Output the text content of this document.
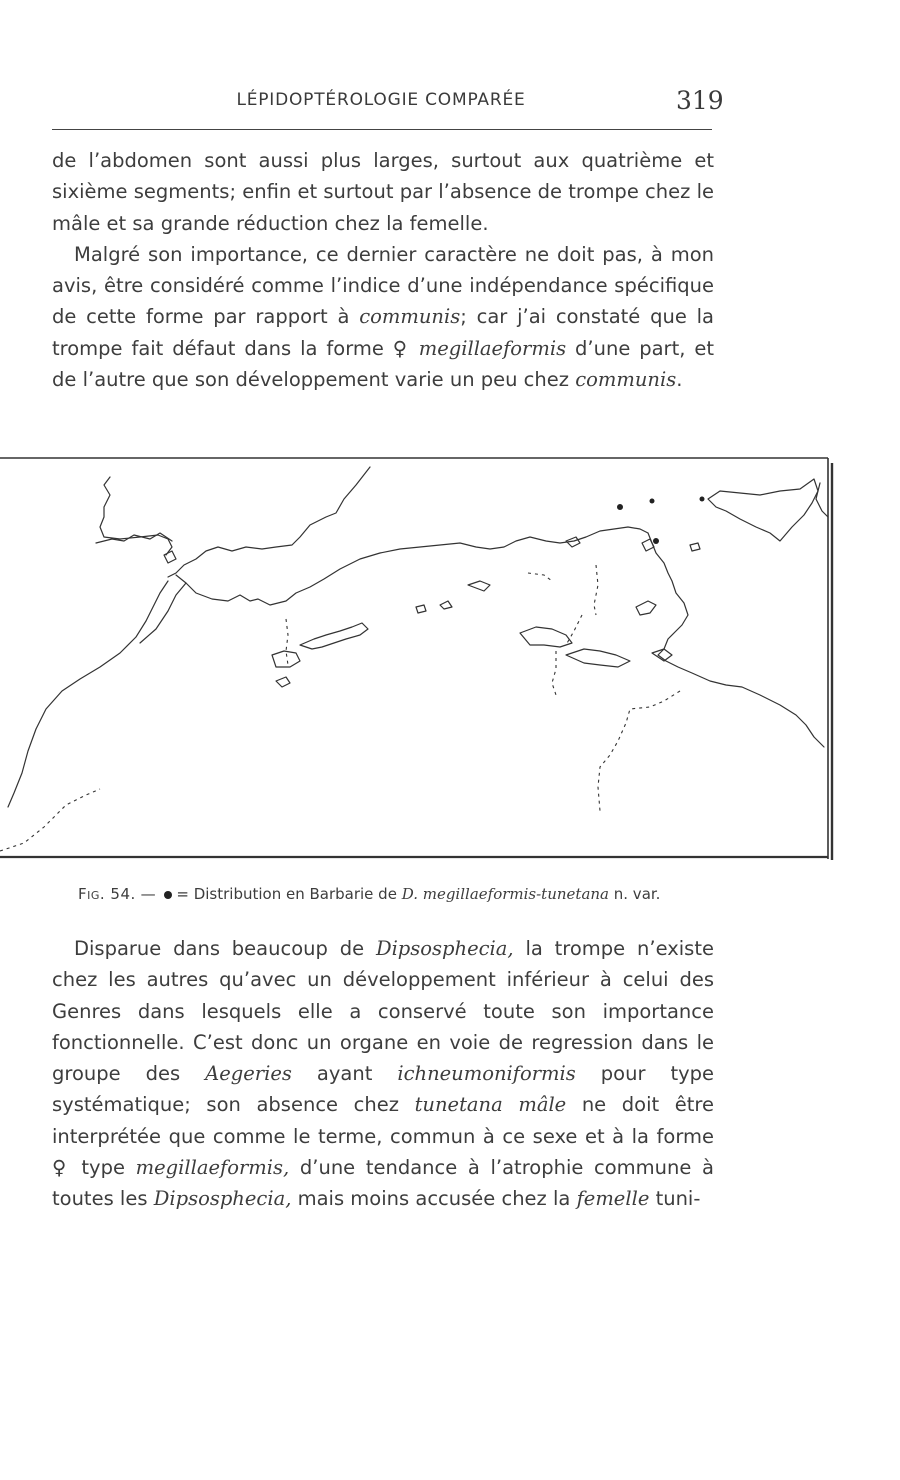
LÉPIDOPTÉROLOGIE COMPARÉE	319

de l’abdomen sont aussi plus larges, surtout aux quatrième et sixième segments; enfin et surtout par l’absence de trompe chez le mâle et sa grande réduction chez la femelle.

Malgré son importance, ce dernier caractère ne doit pas, à mon avis, être considéré comme l’indice d’une indépendance spécifique de cette forme par rapport à communis; car j’ai constaté que la trompe fait défaut dans la forme ♀ megillaeformis d’une part, et de l’autre que son développement varie un peu chez communis.

Fig. 54. — = Distribution en Barbarie de D. megillaeformis-tunetana n. var.

Disparue dans beaucoup de Dipsosphecia, la trompe n’existe chez les autres qu’avec un développement inférieur à celui des Genres dans lesquels elle a conservé toute son importance fonctionnelle. C’est donc un organe en voie de regression dans le groupe des Aegeries ayant ichneumoniformis pour type systématique; son absence chez tunetana mâle ne doit être interprétée que comme le terme, commun à ce sexe et à la forme ♀ type megillaeformis, d’une tendance à l’atrophie commune à toutes les Dipsosphecia, mais moins accusée chez la femelle tuni-
